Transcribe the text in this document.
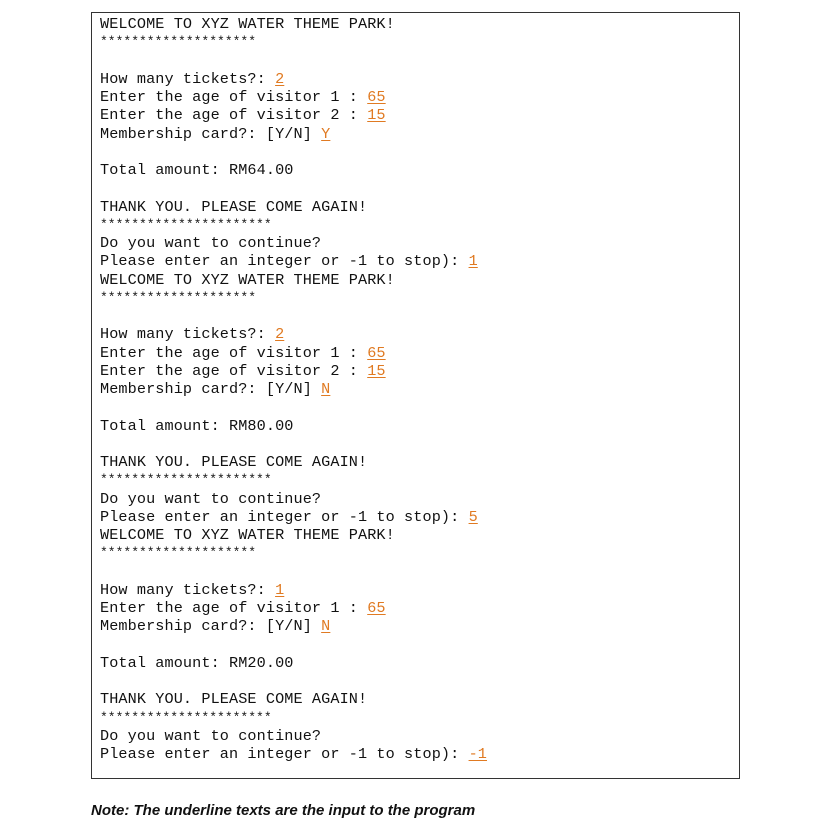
WELCOME TO XYZ WATER THEME PARK!
********************
How many tickets?: 2
Enter the age of visitor 1 : 65
Enter the age of visitor 2 : 15
Membership card?: [Y/N] Y
Total amount: RM64.00
THANK YOU. PLEASE COME AGAIN!
**********************
Do you want to continue?
Please enter an integer or -1 to stop): 1
WELCOME TO XYZ WATER THEME PARK!
********************
How many tickets?: 2
Enter the age of visitor 1 : 65
Enter the age of visitor 2 : 15
Membership card?: [Y/N] N
Total amount: RM80.00
THANK YOU. PLEASE COME AGAIN!
**********************
Do you want to continue?
Please enter an integer or -1 to stop): 5
WELCOME TO XYZ WATER THEME PARK!
********************
How many tickets?: 1
Enter the age of visitor 1 : 65
Membership card?: [Y/N] N
Total amount: RM20.00
THANK YOU. PLEASE COME AGAIN!
**********************
Do you want to continue?
Please enter an integer or -1 to stop): -1
Note: The underline texts are the input to the program
